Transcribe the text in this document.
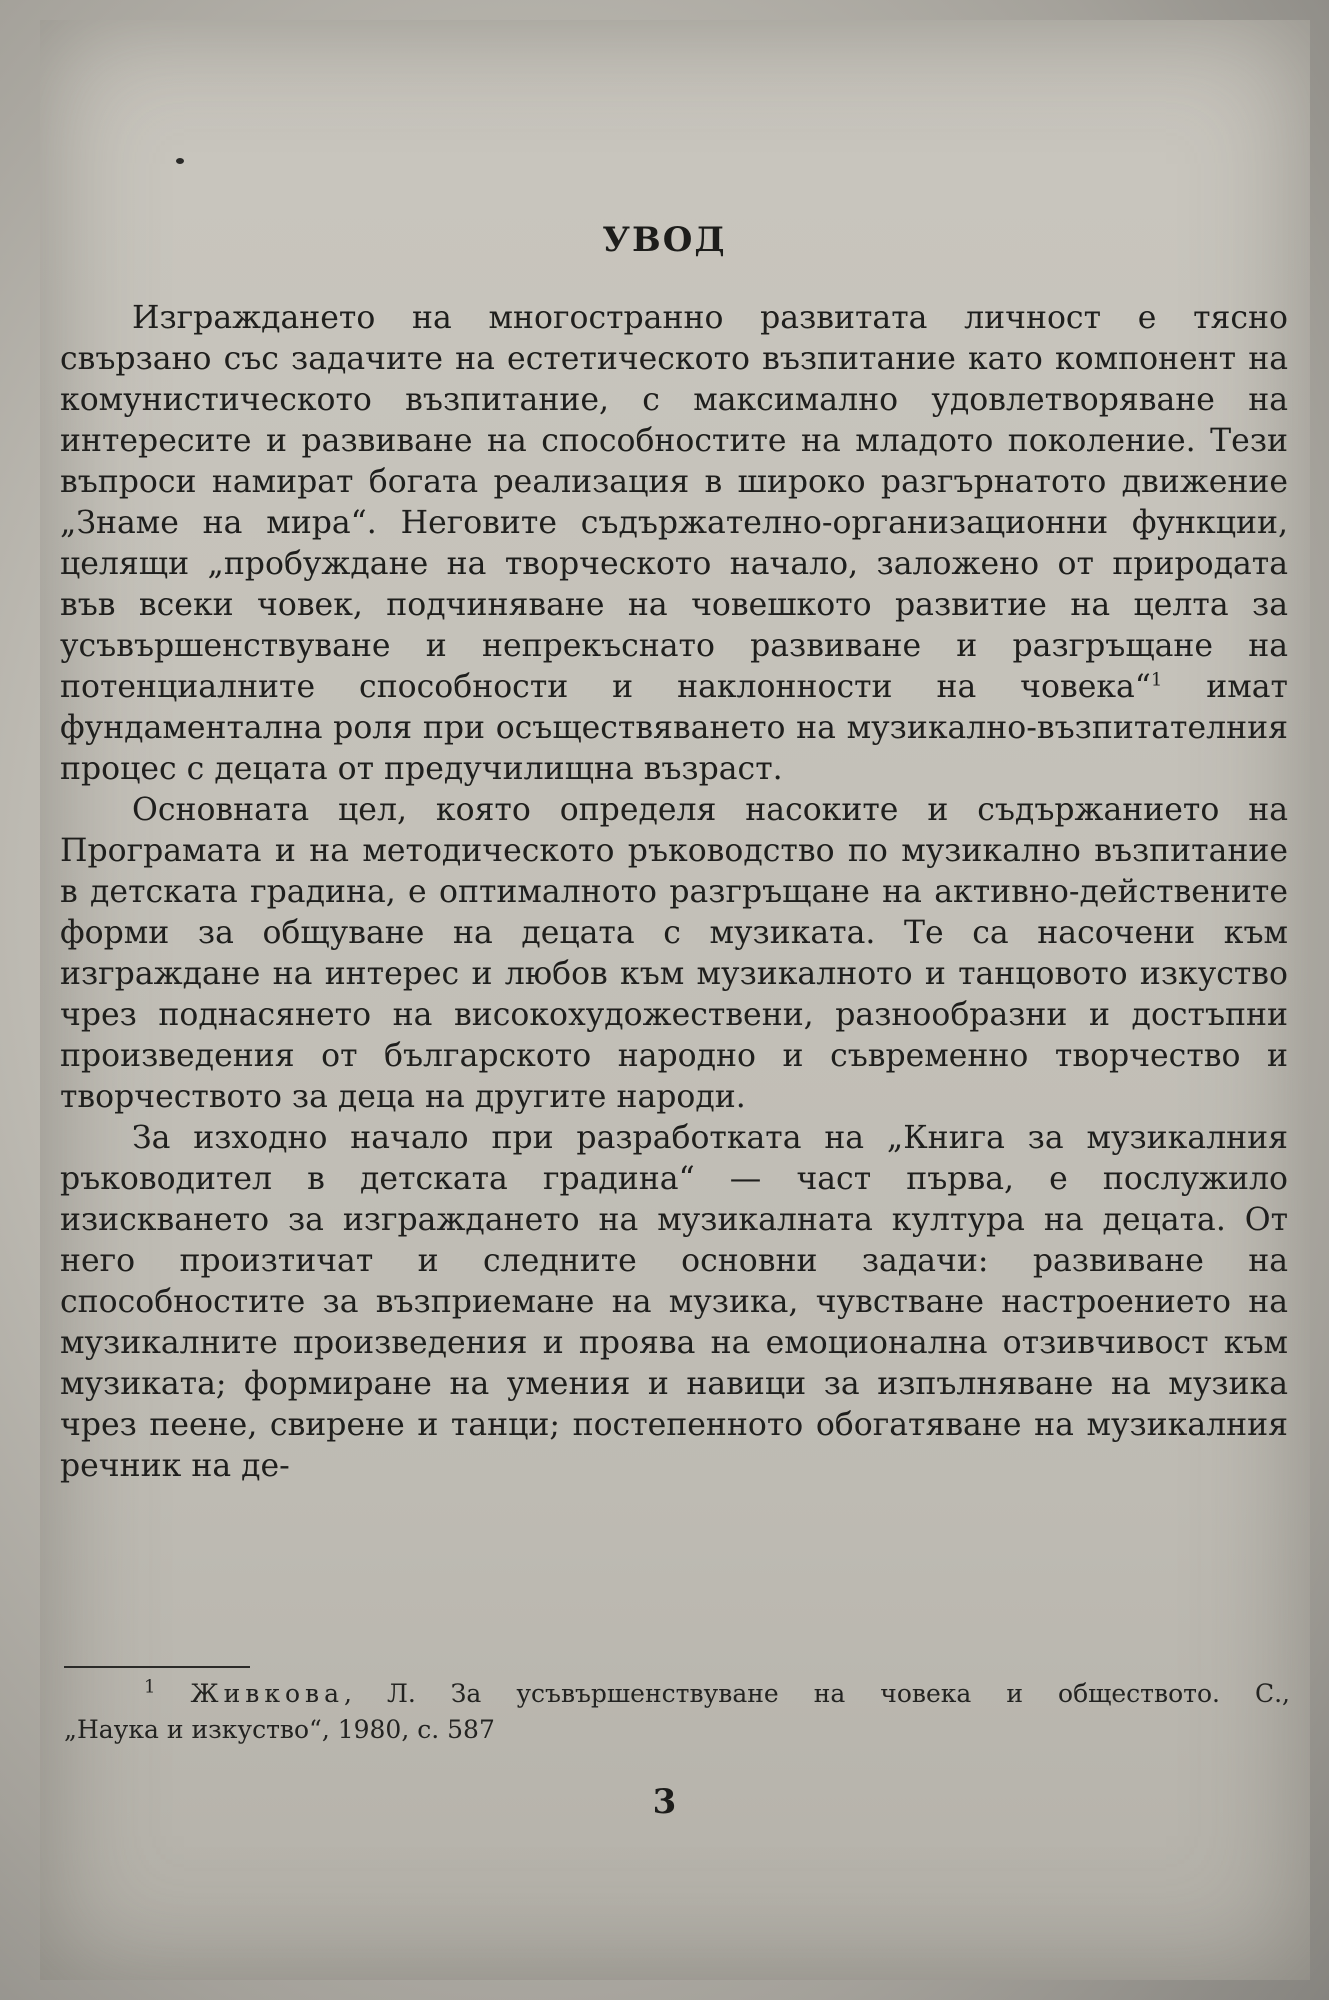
УВОД

Изграждането на многостранно развитата личност е тясно свързано със задачите на естетическото възпитание като компонент на комунистическото възпитание, с максимално удовлетворяване на интересите и развиване на способностите на младото поколение. Тези въпроси намират богата реализация в широко разгърнатото движение „Знаме на мира“. Неговите съдържателно-организационни функции, целящи „пробуждане на творческото начало, заложено от природата във всеки човек, подчиняване на човешкото развитие на целта за усъвършенствуване и непрекъснато развиване и разгръщане на потенциалните способности и наклонности на човека“$^1$ имат фундаментална роля при осъществяването на музикално-възпитателния процес с децата от предучилищна възраст.

Основната цел, която определя насоките и съдържанието на Програмата и на методическото ръководство по музикално възпитание в детската градина, е оптималното разгръщане на активно-действените форми за общуване на децата с музиката. Те са насочени към изграждане на интерес и любов към музикалното и танцовото изкуство чрез поднасянето на високохудожествени, разнообразни и достъпни произведения от българското народно и съвременно творчество и творчеството за деца на другите народи.

За изходно начало при разработката на „Книга за музикалния ръководител в детската градина“ — част първа, е послужило изискването за изграждането на музикалната култура на децата. От него произтичат и следните основни задачи: развиване на способностите за възприемане на музика, чувстване настроението на музикалните произведения и проява на емоционална отзивчивост към музиката; формиране на умения и навици за изпълняване на музика чрез пеене, свирене и танци; постепенното обогатяване на музикалния речник на де-

$^1$ Живкова, Л. За усъвършенствуване на човека и обществото. С.,
„Наука и изкуство“, 1980, с. 587
3
